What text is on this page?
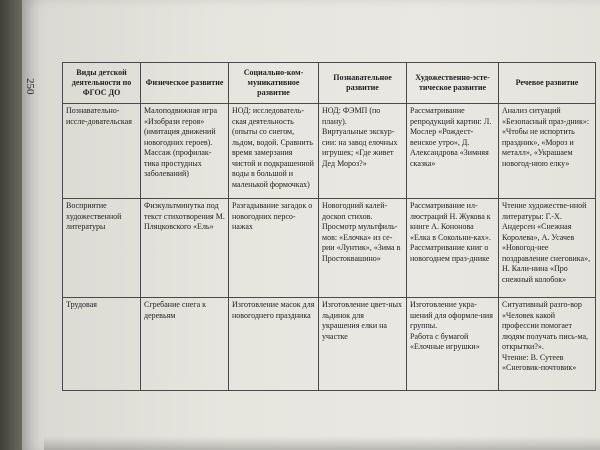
250
Виды детской деятельности по ФГОС ДО	Физическое развитие	Социально-ком-муникативное развитие	Познавательное развитие	Художественно-эсте-тическое развитие	Речевое развитие

Познавательно-иссле-довательская	Малоподвижная игра «Изобрази героя» (имитация движений новогодних героев). Массаж (профилак-тика простудных заболеваний)	НОД: исследователь-ская деятельность (опыты со снегом, льдом, водой. Сравнить время замерзания чистой и подкрашенной воды в большой и маленькой формочках)	НОД: ФЭМП (по плану).
Виртуальные экскур-сии: на завод елочных игрушек; «Где живет Дед Мороз?»	Рассматривание репродукций картин: Л. Мослер «Рождест-венское утро», Д. Александрова «Зимняя сказка»	Анализ ситуаций «Безопасный праз-дник»: «Чтобы не испортить праздник», «Мороз и металл», «Украшаем новогод-нюю елку»

Восприятие художественной литературы	Физкультминутка под текст стихотворения М. Пляцковского «Ель»	Разгадывание загадок о новогодних персо-нажах	Новогодний калей-доскоп стихов.
Просмотр мультфиль-мов: «Елочка» из се-рии «Лунтик», «Зима в Простоквашино»	Рассматривание ил-люстраций Н. Жукова к книге А. Кононова «Елка в Сокольни-ках».
Рассматривание книг о новогоднем праз-днике	Чтение художестве-нной литературы: Г.-Х. Андерсен «Снежная Королева», А. Усачев «Новогод-нее поздравление снеговика», Н. Кали-нина «Про снежный колобок»

Трудовая	Сгребание снега к деревьям	Изготовление масок для новогоднего праздника	Изготовление цвет-ных льдинок для украшения елки на участке	Изготовление укра-шений для оформле-ния группы.
Работа с бумагой «Елочные игрушки»	Ситуативный разго-вор «Человек какой профессии помогает людям получать пись-ма, открытки?».
Чтение: В. Сутеев «Снеговик-почтовик»
